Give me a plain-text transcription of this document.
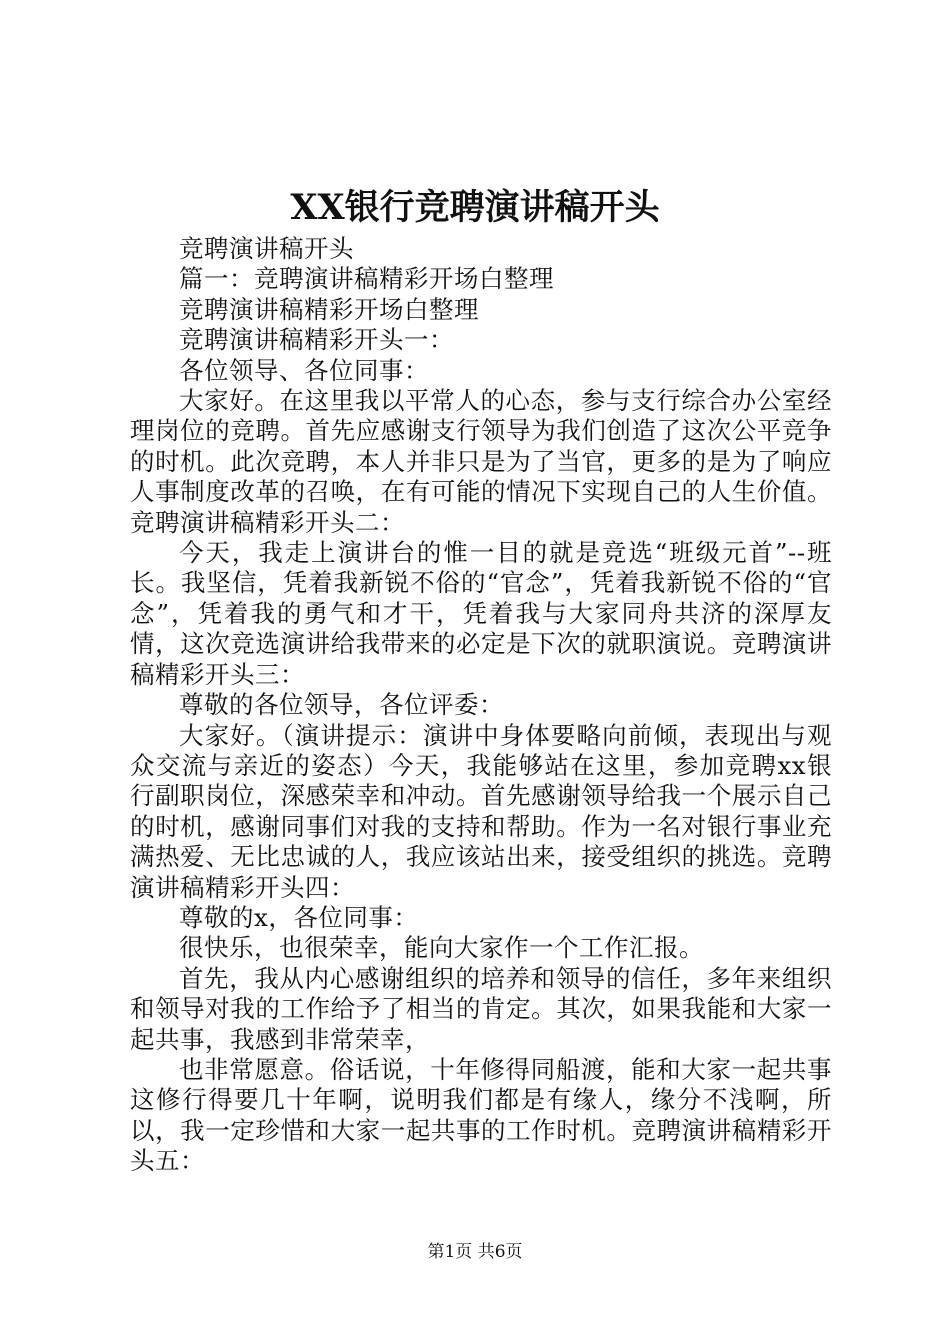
XX银行竞聘演讲稿开头

竞聘演讲稿开头

篇一：竞聘演讲稿精彩开场白整理

竞聘演讲稿精彩开场白整理

竞聘演讲稿精彩开头一：

各位领导、各位同事：

大家好。在这里我以平常人的心态，参与支行综合办公室经理岗位的竞聘。首先应感谢支行领导为我们创造了这次公平竞争的时机。此次竞聘，本人并非只是为了当官，更多的是为了响应人事制度改革的召唤，在有可能的情况下实现自己的人生价值。竞聘演讲稿精彩开头二：

今天，我走上演讲台的惟一目的就是竞选“班级元首”--班长。我坚信，凭着我新锐不俗的“官念”，凭着我新锐不俗的“官念”，凭着我的勇气和才干，凭着我与大家同舟共济的深厚友情，这次竞选演讲给我带来的必定是下次的就职演说。竞聘演讲稿精彩开头三：

尊敬的各位领导，各位评委：

大家好。（演讲提示：演讲中身体要略向前倾，表现出与观众交流与亲近的姿态）今天，我能够站在这里，参加竞聘xx银行副职岗位，深感荣幸和冲动。首先感谢领导给我一个展示自己的时机，感谢同事们对我的支持和帮助。作为一名对银行事业充满热爱、无比忠诚的人，我应该站出来，接受组织的挑选。竞聘演讲稿精彩开头四：

尊敬的x，各位同事：

很快乐，也很荣幸，能向大家作一个工作汇报。

首先，我从内心感谢组织的培养和领导的信任，多年来组织和领导对我的工作给予了相当的肯定。其次，如果我能和大家一起共事，我感到非常荣幸，

也非常愿意。俗话说，十年修得同船渡，能和大家一起共事这修行得要几十年啊，说明我们都是有缘人，缘分不浅啊，所以，我一定珍惜和大家一起共事的工作时机。竞聘演讲稿精彩开头五：

第1页 共6页
